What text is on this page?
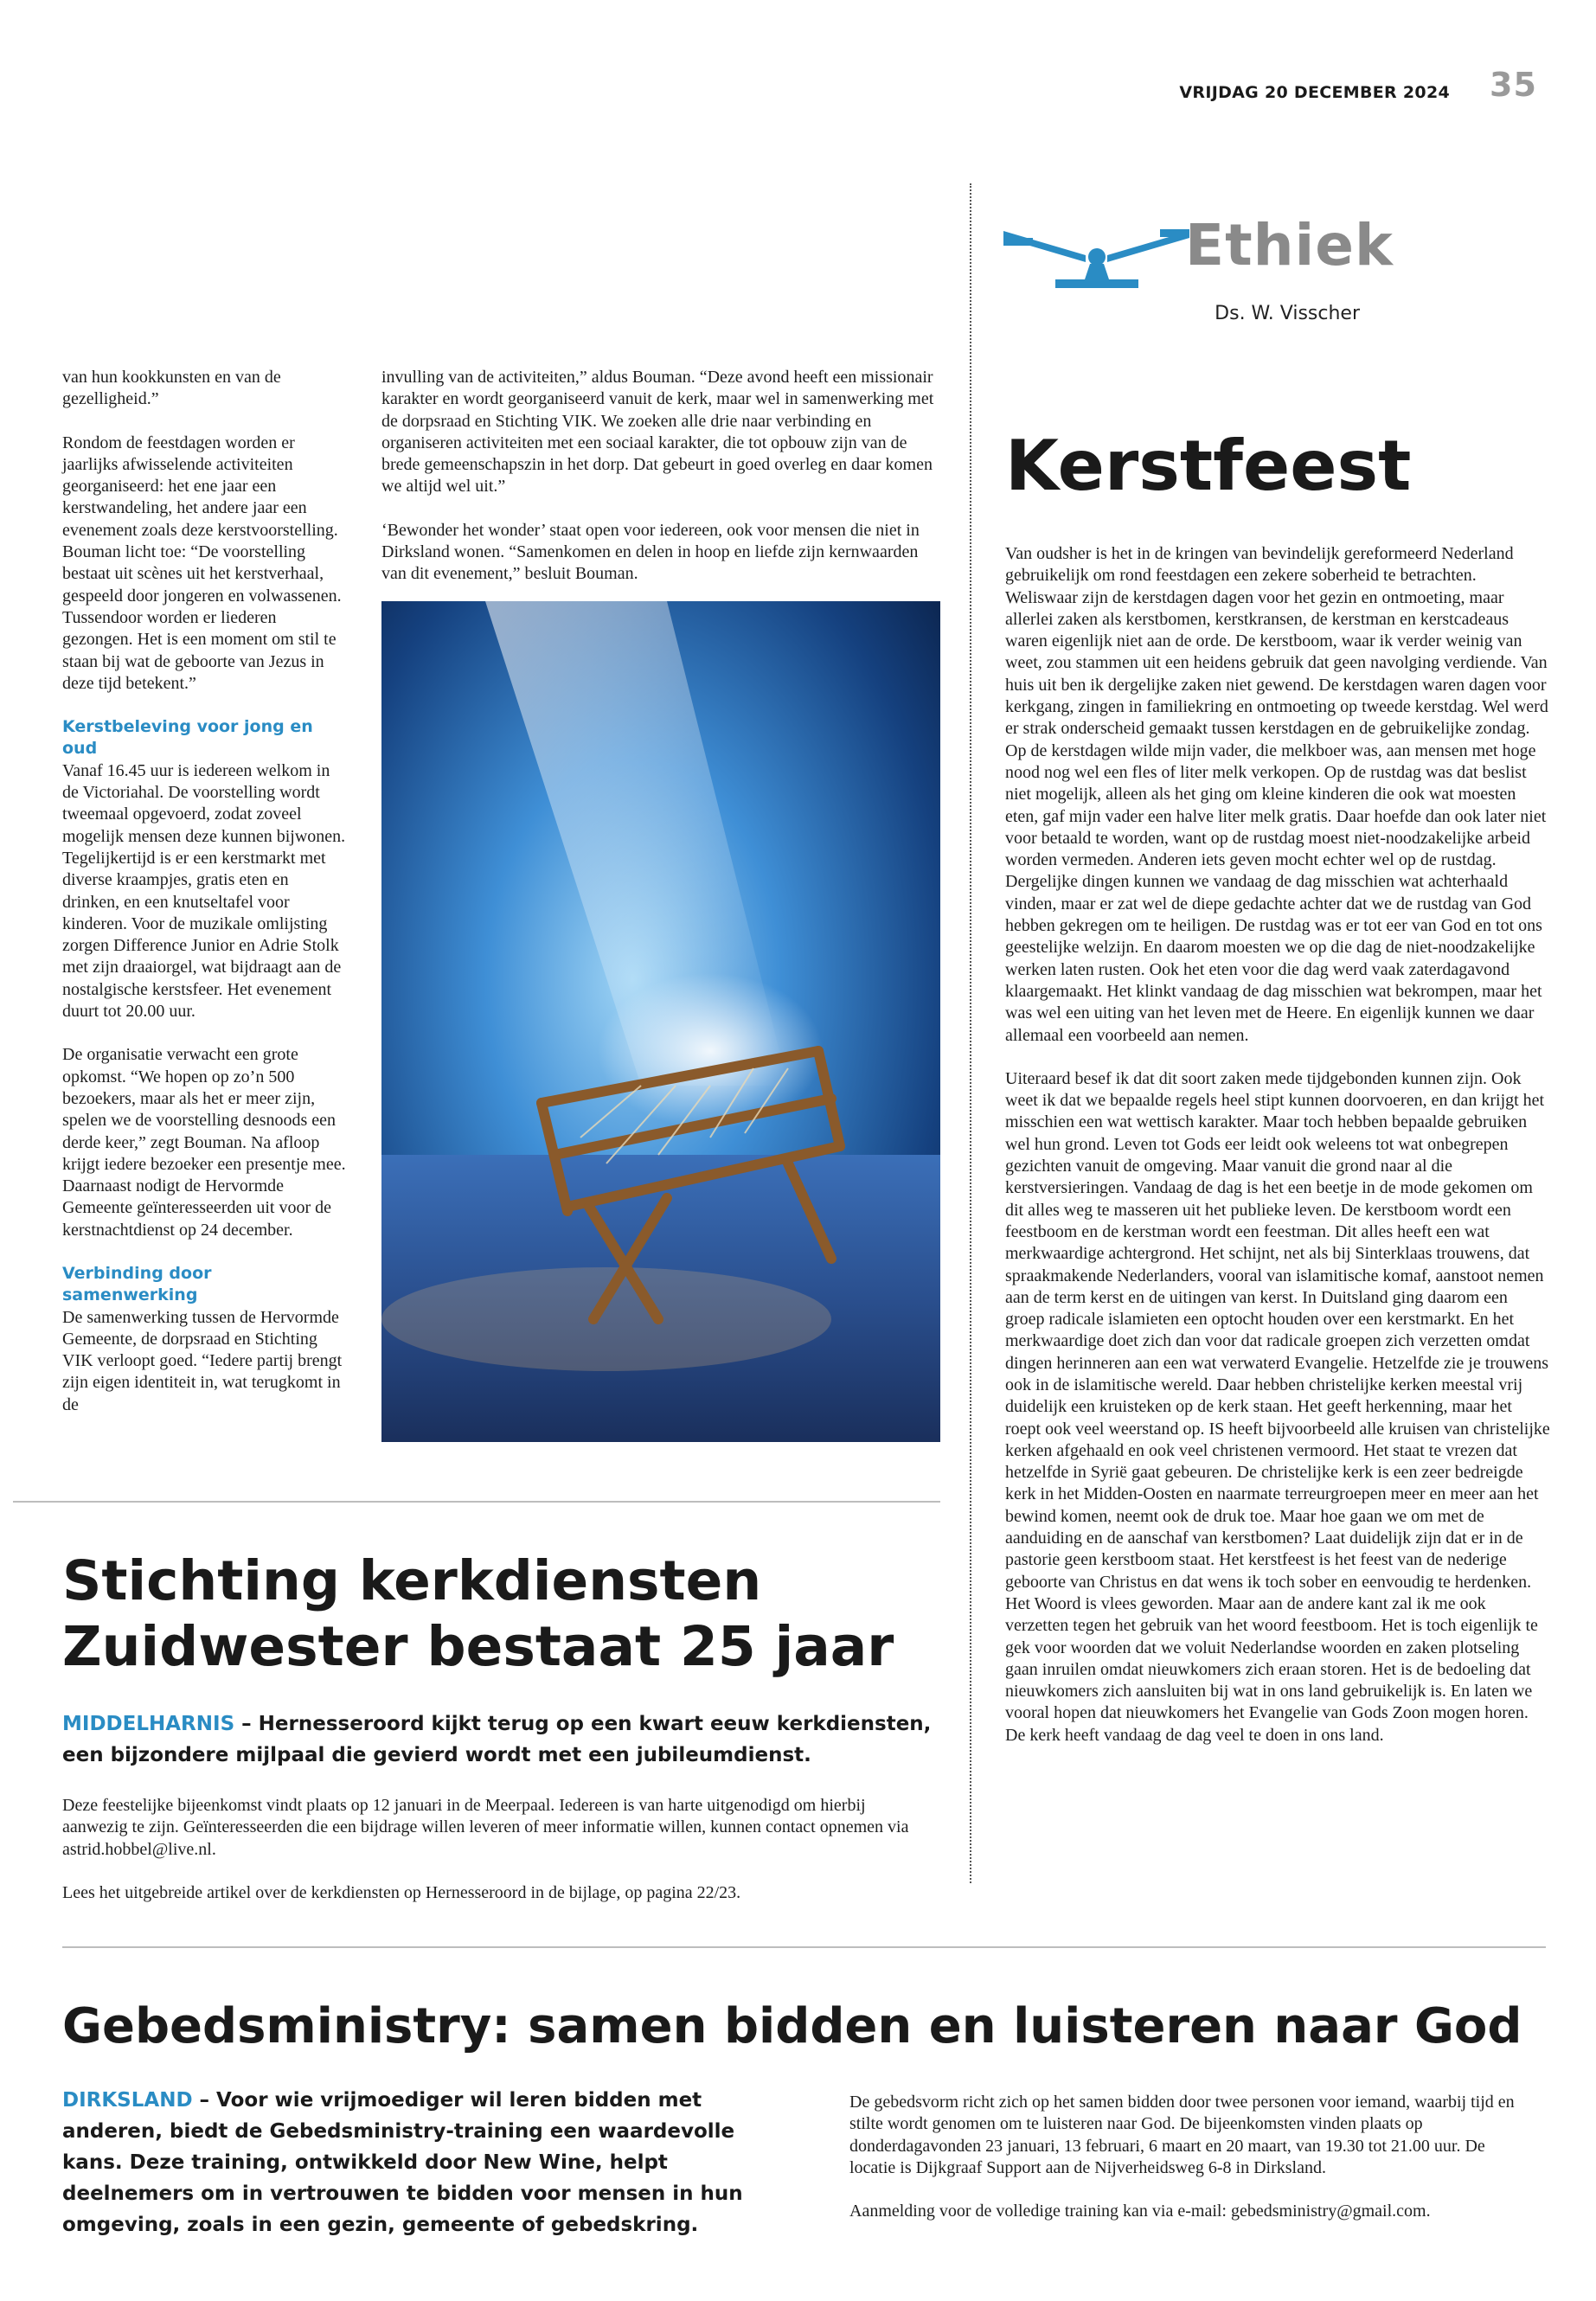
VRIJDAG 20 DECEMBER 2024 35

van hun kookkunsten en van de gezelligheid.”

Rondom de feestdagen worden er jaarlijks afwisselende activiteiten georganiseerd: het ene jaar een kerstwandeling, het andere jaar een evenement zoals deze kerstvoorstelling. Bouman licht toe: “De voorstelling bestaat uit scènes uit het kerstverhaal, gespeeld door jongeren en volwassenen. Tussendoor worden er liederen gezongen. Het is een moment om stil te staan bij wat de geboorte van Jezus in deze tijd betekent.”

Kerstbeleving voor jong en oud

Vanaf 16.45 uur is iedereen welkom in de Victoriahal. De voorstelling wordt tweemaal opgevoerd, zodat zoveel mogelijk mensen deze kunnen bijwonen. Tegelijkertijd is er een kerstmarkt met diverse kraampjes, gratis eten en drinken, en een knutseltafel voor kinderen. Voor de muzikale omlijsting zorgen Difference Junior en Adrie Stolk met zijn draaiorgel, wat bijdraagt aan de nostalgische kerstsfeer. Het evenement duurt tot 20.00 uur.

De organisatie verwacht een grote opkomst. “We hopen op zo’n 500 bezoekers, maar als het er meer zijn, spelen we de voorstelling desnoods een derde keer,” zegt Bouman. Na afloop krijgt iedere bezoeker een presentje mee. Daarnaast nodigt de Hervormde Gemeente geïnteresseerden uit voor de kerstnachtdienst op 24 december.

Verbinding door samenwerking

De samenwerking tussen de Hervormde Gemeente, de dorpsraad en Stichting VIK verloopt goed. “Iedere partij brengt zijn eigen identiteit in, wat terugkomt in de

invulling van de activiteiten,” aldus Bouman. “Deze avond heeft een missionair karakter en wordt georganiseerd vanuit de kerk, maar wel in samenwerking met de dorpsraad en Stichting VIK. We zoeken alle drie naar verbinding en organiseren activiteiten met een sociaal karakter, die tot opbouw zijn van de brede gemeenschapszin in het dorp. Dat gebeurt in goed overleg en daar komen we altijd wel uit.”

‘Bewonder het wonder’ staat open voor iedereen, ook voor mensen die niet in Dirksland wonen. “Samenkomen en delen in hoop en liefde zijn kernwaarden van dit evenement,” besluit Bouman.

Ethiek
Ds. W. Visscher
Kerstfeest

Van oudsher is het in de kringen van bevindelijk gereformeerd Nederland gebruikelijk om rond feestdagen een zekere soberheid te betrachten. Weliswaar zijn de kerstdagen dagen voor het gezin en ontmoeting, maar allerlei zaken als kerstbomen, kerstkransen, de kerstman en kerstcadeaus waren eigenlijk niet aan de orde. De kerstboom, waar ik verder weinig van weet, zou stammen uit een heidens gebruik dat geen navolging verdiende. Van huis uit ben ik dergelijke zaken niet gewend. De kerstdagen waren dagen voor kerkgang, zingen in familiekring en ontmoeting op tweede kerstdag. Wel werd er strak onderscheid gemaakt tussen kerstdagen en de gebruikelijke zondag. Op de kerstdagen wilde mijn vader, die melkboer was, aan mensen met hoge nood nog wel een fles of liter melk verkopen. Op de rustdag was dat beslist niet mogelijk, alleen als het ging om kleine kinderen die ook wat moesten eten, gaf mijn vader een halve liter melk gratis. Daar hoefde dan ook later niet voor betaald te worden, want op de rustdag moest niet-noodzakelijke arbeid worden vermeden. Anderen iets geven mocht echter wel op de rustdag. Dergelijke dingen kunnen we vandaag de dag misschien wat achterhaald vinden, maar er zat wel de diepe gedachte achter dat we de rustdag van God hebben gekregen om te heiligen. De rustdag was er tot eer van God en tot ons geestelijke welzijn. En daarom moesten we op die dag de niet-noodzakelijke werken laten rusten. Ook het eten voor die dag werd vaak zaterdagavond klaargemaakt. Het klinkt vandaag de dag misschien wat bekrompen, maar het was wel een uiting van het leven met de Heere. En eigenlijk kunnen we daar allemaal een voorbeeld aan nemen.

Uiteraard besef ik dat dit soort zaken mede tijdgebonden kunnen zijn. Ook weet ik dat we bepaalde regels heel stipt kunnen doorvoeren, en dan krijgt het misschien een wat wettisch karakter. Maar toch hebben bepaalde gebruiken wel hun grond. Leven tot Gods eer leidt ook weleens tot wat onbegrepen gezichten vanuit de omgeving. Maar vanuit die grond naar al die kerstversieringen. Vandaag de dag is het een beetje in de mode gekomen om dit alles weg te masseren uit het publieke leven. De kerstboom wordt een feestboom en de kerstman wordt een feestman. Dit alles heeft een wat merkwaardige achtergrond. Het schijnt, net als bij Sinterklaas trouwens, dat spraakmakende Nederlanders, vooral van islamitische komaf, aanstoot nemen aan de term kerst en de uitingen van kerst. In Duitsland ging daarom een groep radicale islamieten een optocht houden over een kerstmarkt. En het merkwaardige doet zich dan voor dat radicale groepen zich verzetten omdat dingen herinneren aan een wat verwaterd Evangelie. Hetzelfde zie je trouwens ook in de islamitische wereld. Daar hebben christelijke kerken meestal vrij duidelijk een kruisteken op de kerk staan. Het geeft herkenning, maar het roept ook veel weerstand op. IS heeft bijvoorbeeld alle kruisen van christelijke kerken afgehaald en ook veel christenen vermoord. Het staat te vrezen dat hetzelfde in Syrië gaat gebeuren. De christelijke kerk is een zeer bedreigde kerk in het Midden-Oosten en naarmate terreurgroepen meer en meer aan het bewind komen, neemt ook de druk toe. Maar hoe gaan we om met de aanduiding en de aanschaf van kerstbomen? Laat duidelijk zijn dat er in de pastorie geen kerstboom staat. Het kerstfeest is het feest van de nederige geboorte van Christus en dat wens ik toch sober en eenvoudig te herdenken. Het Woord is vlees geworden. Maar aan de andere kant zal ik me ook verzetten tegen het gebruik van het woord feestboom. Het is toch eigenlijk te gek voor woorden dat we voluit Nederlandse woorden en zaken plotseling gaan inruilen omdat nieuwkomers zich eraan storen. Het is de bedoeling dat nieuwkomers zich aansluiten bij wat in ons land gebruikelijk is. En laten we vooral hopen dat nieuwkomers het Evangelie van Gods Zoon mogen horen. De kerk heeft vandaag de dag veel te doen in ons land.

Stichting kerkdiensten Zuidwester bestaat 25 jaar
MIDDELHARNIS – Hernesseroord kijkt terug op een kwart eeuw kerkdiensten, een bijzondere mijlpaal die gevierd wordt met een jubileumdienst.

Deze feestelijke bijeenkomst vindt plaats op 12 januari in de Meerpaal. Iedereen is van harte uitgenodigd om hierbij aanwezig te zijn. Geïnteresseerden die een bijdrage willen leveren of meer informatie willen, kunnen contact opnemen via astrid.hobbel@live.nl.

Lees het uitgebreide artikel over de kerkdiensten op Hernesseroord in de bijlage, op pagina 22/23.

Gebedsministry: samen bidden en luisteren naar God
DIRKSLAND – Voor wie vrijmoediger wil leren bidden met anderen, biedt de Gebedsministry-training een waardevolle kans. Deze training, ontwikkeld door New Wine, helpt deelnemers om in vertrouwen te bidden voor mensen in hun omgeving, zoals in een gezin, gemeente of gebedskring.

De gebedsvorm richt zich op het samen bidden door twee personen voor iemand, waarbij tijd en stilte wordt genomen om te luisteren naar God. De bijeenkomsten vinden plaats op donderdagavonden 23 januari, 13 februari, 6 maart en 20 maart, van 19.30 tot 21.00 uur. De locatie is Dijkgraaf Support aan de Nijverheidsweg 6-8 in Dirksland.

Aanmelding voor de volledige training kan via e-mail: gebedsministry@gmail.com.
